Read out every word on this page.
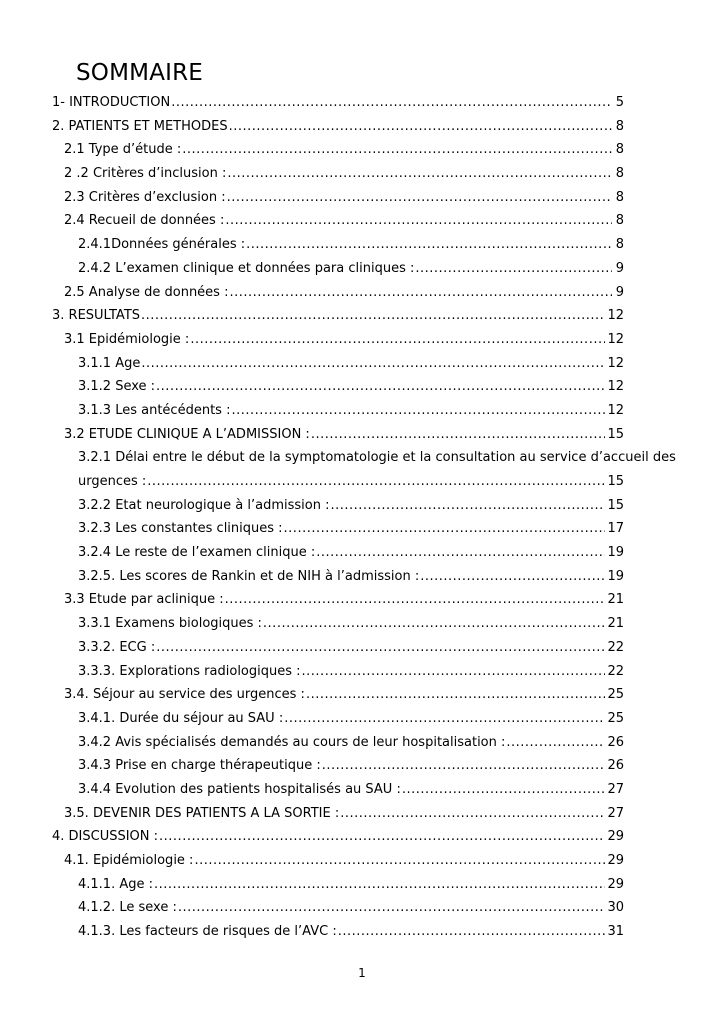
SOMMAIRE
1- INTRODUCTION .....	5
2. PATIENTS ET METHODES .....	8
2.1 Type d’étude : .....	8
2 .2 Critères d’inclusion : .....	8
2.3 Critères d’exclusion : .....	8
2.4 Recueil de données : .....	8
2.4.1Données générales : .....	8
2.4.2 L’examen clinique et données para cliniques : .....	9
2.5 Analyse de données : .....	9
3. RESULTATS .....	12
3.1 Epidémiologie : .....	12
3.1.1 Age .....	12
3.1.2 Sexe : .....	12
3.1.3 Les antécédents : .....	12
3.2 ETUDE CLINIQUE A L’ADMISSION : .....	15
3.2.1 Délai entre le début de la symptomatologie et la consultation au service d’accueil des
urgences : .....	15
3.2.2 Etat neurologique à l’admission : .....	15
3.2.3 Les constantes cliniques : .....	17
3.2.4 Le reste de l’examen clinique : .....	19
3.2.5. Les scores de Rankin et de NIH à l’admission : .....	19
3.3 Etude par aclinique : .....	21
3.3.1 Examens biologiques : .....	21
3.3.2. ECG : .....	22
3.3.3. Explorations radiologiques : .....	22
3.4. Séjour au service des urgences : .....	25
3.4.1. Durée du séjour au SAU : .....	25
3.4.2 Avis spécialisés demandés au cours de leur hospitalisation : .....	26
3.4.3 Prise en charge thérapeutique : .....	26
3.4.4 Evolution des patients hospitalisés au SAU : .....	27
3.5. DEVENIR DES PATIENTS A LA SORTIE : .....	27
4. DISCUSSION : .....	29
4.1. Epidémiologie : .....	29
4.1.1. Age : .....	29
4.1.2. Le sexe : .....	30
4.1.3. Les facteurs de risques de l’AVC : .....	31
1
